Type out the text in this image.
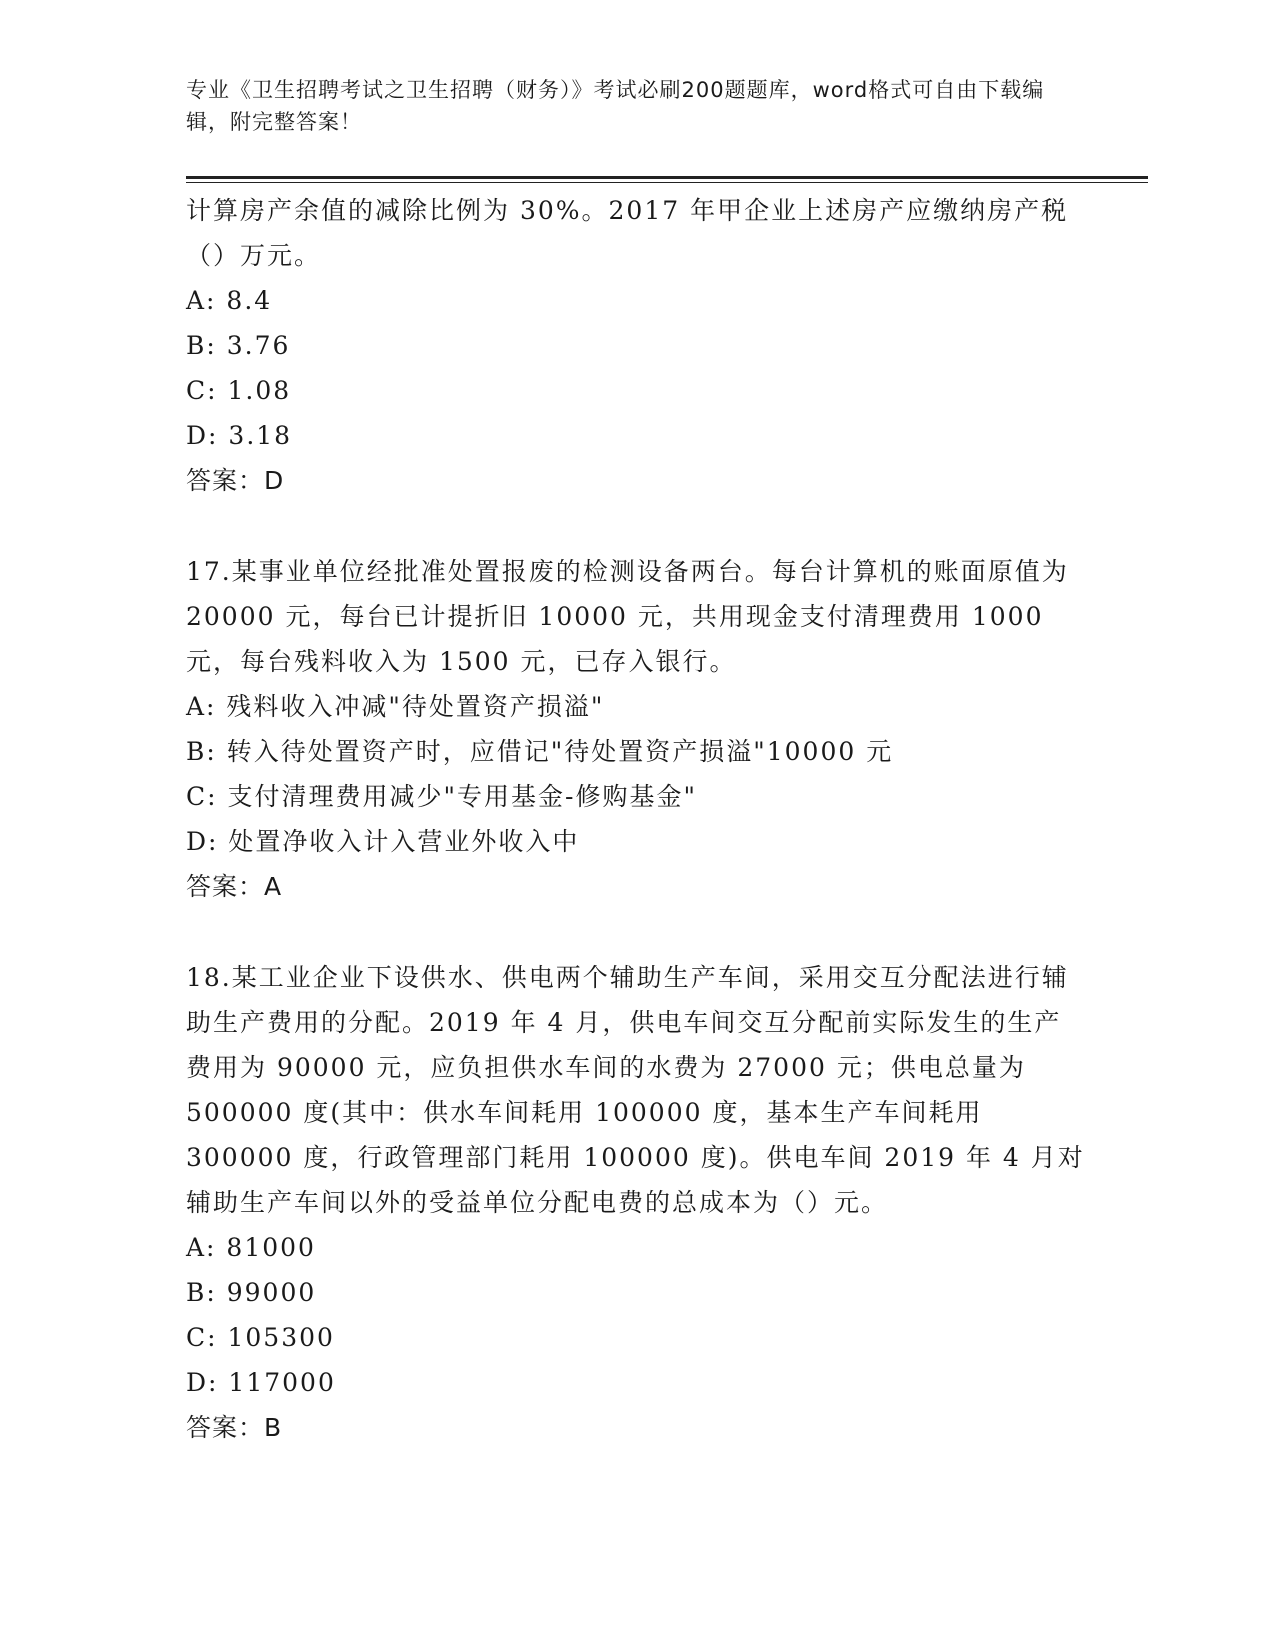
专业《卫生招聘考试之卫生招聘（财务）》考试必刷200题题库，word格式可自由下载编辑，附完整答案！

计算房产余值的减除比例为 30%。2017 年甲企业上述房产应缴纳房产税（）万元。

A: 8.4

B: 3.76

C: 1.08

D: 3.18

答案：D

17.某事业单位经批准处置报废的检测设备两台。每台计算机的账面原值为 20000 元，每台已计提折旧 10000 元，共用现金支付清理费用 1000 元，每台残料收入为 1500 元，已存入银行。

A: 残料收入冲减"待处置资产损溢"

B: 转入待处置资产时，应借记"待处置资产损溢"10000 元

C: 支付清理费用减少"专用基金-修购基金"

D: 处置净收入计入营业外收入中

答案：A

18.某工业企业下设供水、供电两个辅助生产车间，采用交互分配法进行辅助生产费用的分配。2019 年 4 月，供电车间交互分配前实际发生的生产费用为 90000 元，应负担供水车间的水费为 27000 元；供电总量为 500000 度(其中：供水车间耗用 100000 度，基本生产车间耗用 300000 度，行政管理部门耗用 100000 度)。供电车间 2019 年 4 月对辅助生产车间以外的受益单位分配电费的总成本为（）元。

A: 81000

B: 99000

C: 105300

D: 117000

答案：B
